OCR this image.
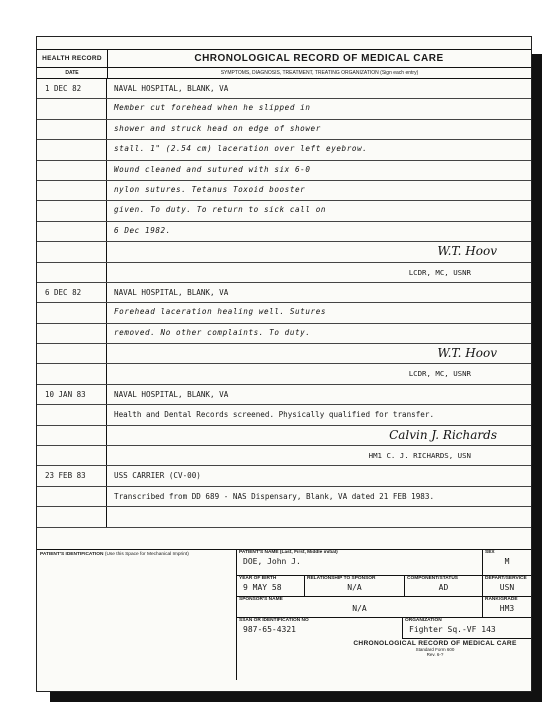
HEALTH RECORD	CHRONOLOGICAL RECORD OF MEDICAL CARE
DATE	SYMPTOMS, DIAGNOSIS, TREATMENT, TREATING ORGANIZATION (Sign each entry)
1 DEC 82	NAVAL HOSPITAL, BLANK, VA
Member cut forehead when he slipped in
shower and struck head on edge of shower
stall. 1" (2.54 cm) laceration over left eyebrow.
Wound cleaned and sutured with six 6-0
nylon sutures. Tetanus Toxoid booster
given. To duty. To return to sick call on
6 Dec 1982.
W.T. Hoov
LCDR, MC, USNR
6 DEC 82	NAVAL HOSPITAL, BLANK, VA
Forehead laceration healing well. Sutures
removed. No other complaints. To duty.
W.T. Hoov
LCDR, MC, USNR
10 JAN 83	NAVAL HOSPITAL, BLANK, VA
Health and Dental Records screened. Physically qualified for transfer.
Calvin J. Richards
HM1 C. J. RICHARDS, USN
23 FEB 83	USS CARRIER (CV-00)
Transcribed from DD 689 - NAS Dispensary, Blank, VA dated 21 FEB 1983.
PATIENT'S IDENTIFICATION (Use this Space for Mechanical Imprint)	PATIENT'S NAME (Last, First, Middle initial)
DOE, John J.
SEX
M
YEAR OF BIRTH
9 MAY 58
RELATIONSHIP TO SPONSOR
N/A
COMPONENT/STATUS
AD
DEPART/SERVICE
USN
SPONSOR'S NAME
N/A
RANK/GRADE
HM3
SSAN OR IDENTIFICATION NO
987-65-4321
ORGANIZATION
Fighter Sq.-VF 143
CHRONOLOGICAL RECORD OF MEDICAL CARE
Standard Form 600
Rev. 6-?
